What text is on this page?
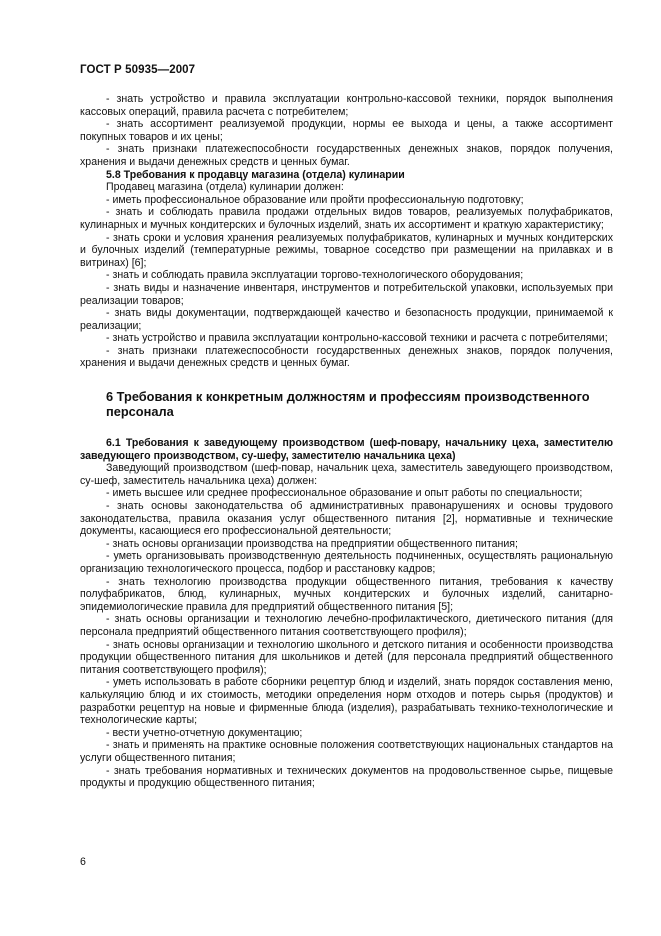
ГОСТ Р 50935—2007

- знать устройство и правила эксплуатации контрольно-кассовой техники, порядок выполнения кассовых операций, правила расчета с потребителем;

- знать ассортимент реализуемой продукции, нормы ее выхода и цены, а также ассортимент покупных товаров и их цены;

- знать признаки платежеспособности государственных денежных знаков, порядок получения, хранения и выдачи денежных средств и ценных бумаг.

5.8 Требования к продавцу магазина (отдела) кулинарии

Продавец магазина (отдела) кулинарии должен:

- иметь профессиональное образование или пройти профессиональную подготовку;

- знать и соблюдать правила продажи отдельных видов товаров, реализуемых полуфабрикатов, кулинарных и мучных кондитерских и булочных изделий, знать их ассортимент и краткую характеристику;

- знать сроки и условия хранения реализуемых полуфабрикатов, кулинарных и мучных кондитерских и булочных изделий (температурные режимы, товарное соседство при размещении на прилавках и в витринах) [6];

- знать и соблюдать правила эксплуатации торгово-технологического оборудования;

- знать виды и назначение инвентаря, инструментов и потребительской упаковки, используемых при реализации товаров;

- знать виды документации, подтверждающей качество и безопасность продукции, принимаемой к реализации;

- знать устройство и правила эксплуатации контрольно-кассовой техники и расчета с потребителями;

- знать признаки платежеспособности государственных денежных знаков, порядок получения, хранения и выдачи денежных средств и ценных бумаг.

6 Требования к конкретным должностям и профессиям производственного персонала

6.1 Требования к заведующему производством (шеф-повару, начальнику цеха, заместителю заведующего производством, су-шефу, заместителю начальника цеха)

Заведующий производством (шеф-повар, начальник цеха, заместитель заведующего производством, су-шеф, заместитель начальника цеха) должен:

- иметь высшее или среднее профессиональное образование и опыт работы по специальности;

- знать основы законодательства об административных правонарушениях и основы трудового законодательства, правила оказания услуг общественного питания [2], нормативные и технические документы, касающиеся его профессиональной деятельности;

- знать основы организации производства на предприятии общественного питания;

- уметь организовывать производственную деятельность подчиненных, осуществлять рациональную организацию технологического процесса, подбор и расстановку кадров;

- знать технологию производства продукции общественного питания, требования к качеству полуфабрикатов, блюд, кулинарных, мучных кондитерских и булочных изделий, санитарно-эпидемиологические правила для предприятий общественного питания [5];

- знать основы организации и технологию лечебно-профилактического, диетического питания (для персонала предприятий общественного питания соответствующего профиля);

- знать основы организации и технологию школьного и детского питания и особенности производства продукции общественного питания для школьников и детей (для персонала предприятий общественного питания соответствующего профиля);

- уметь использовать в работе сборники рецептур блюд и изделий, знать порядок составления меню, калькуляцию блюд и их стоимость, методики определения норм отходов и потерь сырья (продуктов) и разработки рецептур на новые и фирменные блюда (изделия), разрабатывать технико-технологические и технологические карты;

- вести учетно-отчетную документацию;

- знать и применять на практике основные положения соответствующих национальных стандартов на услуги общественного питания;

- знать требования нормативных и технических документов на продовольственное сырье, пищевые продукты и продукцию общественного питания;

6
